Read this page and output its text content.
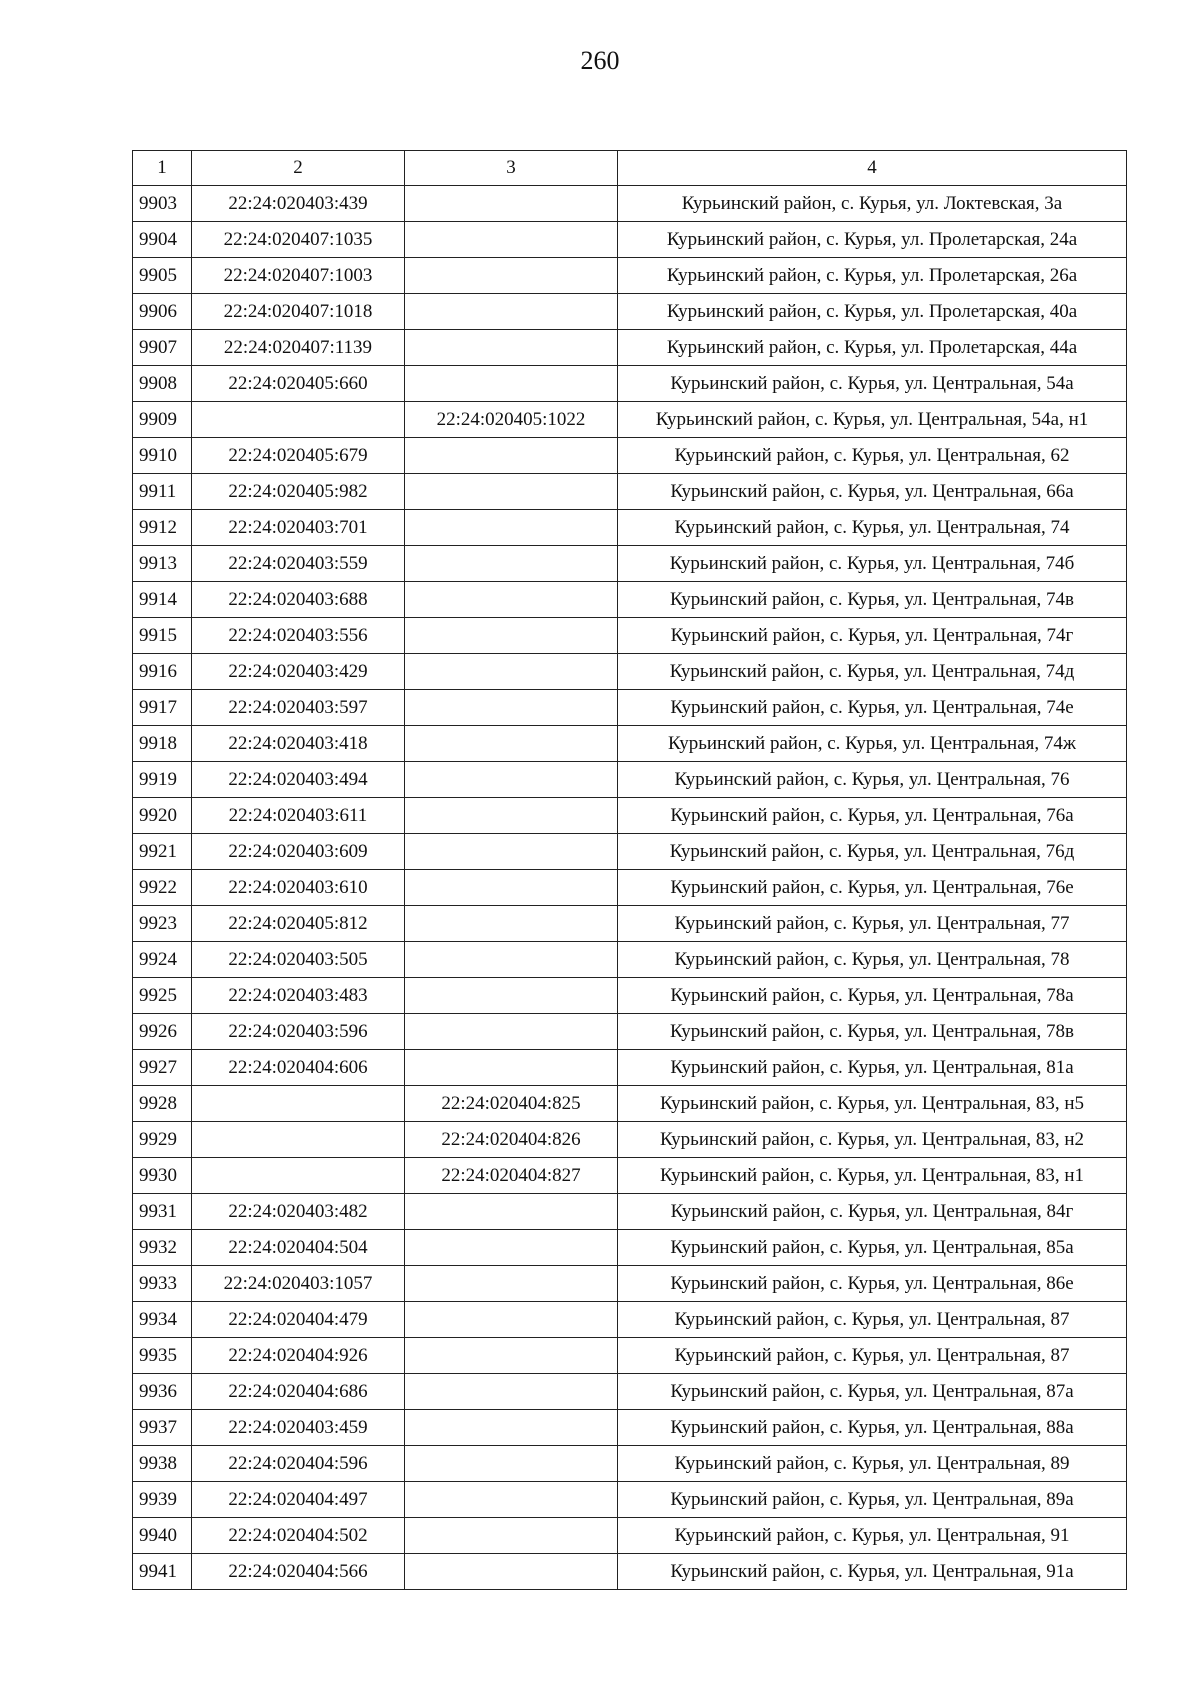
260
1	2	3	4
9903	22:24:020403:439		Курьинский район, с. Курья, ул. Локтевская, 3а
9904	22:24:020407:1035		Курьинский район, с. Курья, ул. Пролетарская, 24а
9905	22:24:020407:1003		Курьинский район, с. Курья, ул. Пролетарская, 26а
9906	22:24:020407:1018		Курьинский район, с. Курья, ул. Пролетарская, 40а
9907	22:24:020407:1139		Курьинский район, с. Курья, ул. Пролетарская, 44а
9908	22:24:020405:660		Курьинский район, с. Курья, ул. Центральная, 54а
9909		22:24:020405:1022	Курьинский район, с. Курья, ул. Центральная, 54а, н1
9910	22:24:020405:679		Курьинский район, с. Курья, ул. Центральная, 62
9911	22:24:020405:982		Курьинский район, с. Курья, ул. Центральная, 66а
9912	22:24:020403:701		Курьинский район, с. Курья, ул. Центральная, 74
9913	22:24:020403:559		Курьинский район, с. Курья, ул. Центральная, 74б
9914	22:24:020403:688		Курьинский район, с. Курья, ул. Центральная, 74в
9915	22:24:020403:556		Курьинский район, с. Курья, ул. Центральная, 74г
9916	22:24:020403:429		Курьинский район, с. Курья, ул. Центральная, 74д
9917	22:24:020403:597		Курьинский район, с. Курья, ул. Центральная, 74е
9918	22:24:020403:418		Курьинский район, с. Курья, ул. Центральная, 74ж
9919	22:24:020403:494		Курьинский район, с. Курья, ул. Центральная, 76
9920	22:24:020403:611		Курьинский район, с. Курья, ул. Центральная, 76а
9921	22:24:020403:609		Курьинский район, с. Курья, ул. Центральная, 76д
9922	22:24:020403:610		Курьинский район, с. Курья, ул. Центральная, 76е
9923	22:24:020405:812		Курьинский район, с. Курья, ул. Центральная, 77
9924	22:24:020403:505		Курьинский район, с. Курья, ул. Центральная, 78
9925	22:24:020403:483		Курьинский район, с. Курья, ул. Центральная, 78а
9926	22:24:020403:596		Курьинский район, с. Курья, ул. Центральная, 78в
9927	22:24:020404:606		Курьинский район, с. Курья, ул. Центральная, 81а
9928		22:24:020404:825	Курьинский район, с. Курья, ул. Центральная, 83, н5
9929		22:24:020404:826	Курьинский район, с. Курья, ул. Центральная, 83, н2
9930		22:24:020404:827	Курьинский район, с. Курья, ул. Центральная, 83, н1
9931	22:24:020403:482		Курьинский район, с. Курья, ул. Центральная, 84г
9932	22:24:020404:504		Курьинский район, с. Курья, ул. Центральная, 85а
9933	22:24:020403:1057		Курьинский район, с. Курья, ул. Центральная, 86е
9934	22:24:020404:479		Курьинский район, с. Курья, ул. Центральная, 87
9935	22:24:020404:926		Курьинский район, с. Курья, ул. Центральная, 87
9936	22:24:020404:686		Курьинский район, с. Курья, ул. Центральная, 87а
9937	22:24:020403:459		Курьинский район, с. Курья, ул. Центральная, 88а
9938	22:24:020404:596		Курьинский район, с. Курья, ул. Центральная, 89
9939	22:24:020404:497		Курьинский район, с. Курья, ул. Центральная, 89а
9940	22:24:020404:502		Курьинский район, с. Курья, ул. Центральная, 91
9941	22:24:020404:566		Курьинский район, с. Курья, ул. Центральная, 91а
